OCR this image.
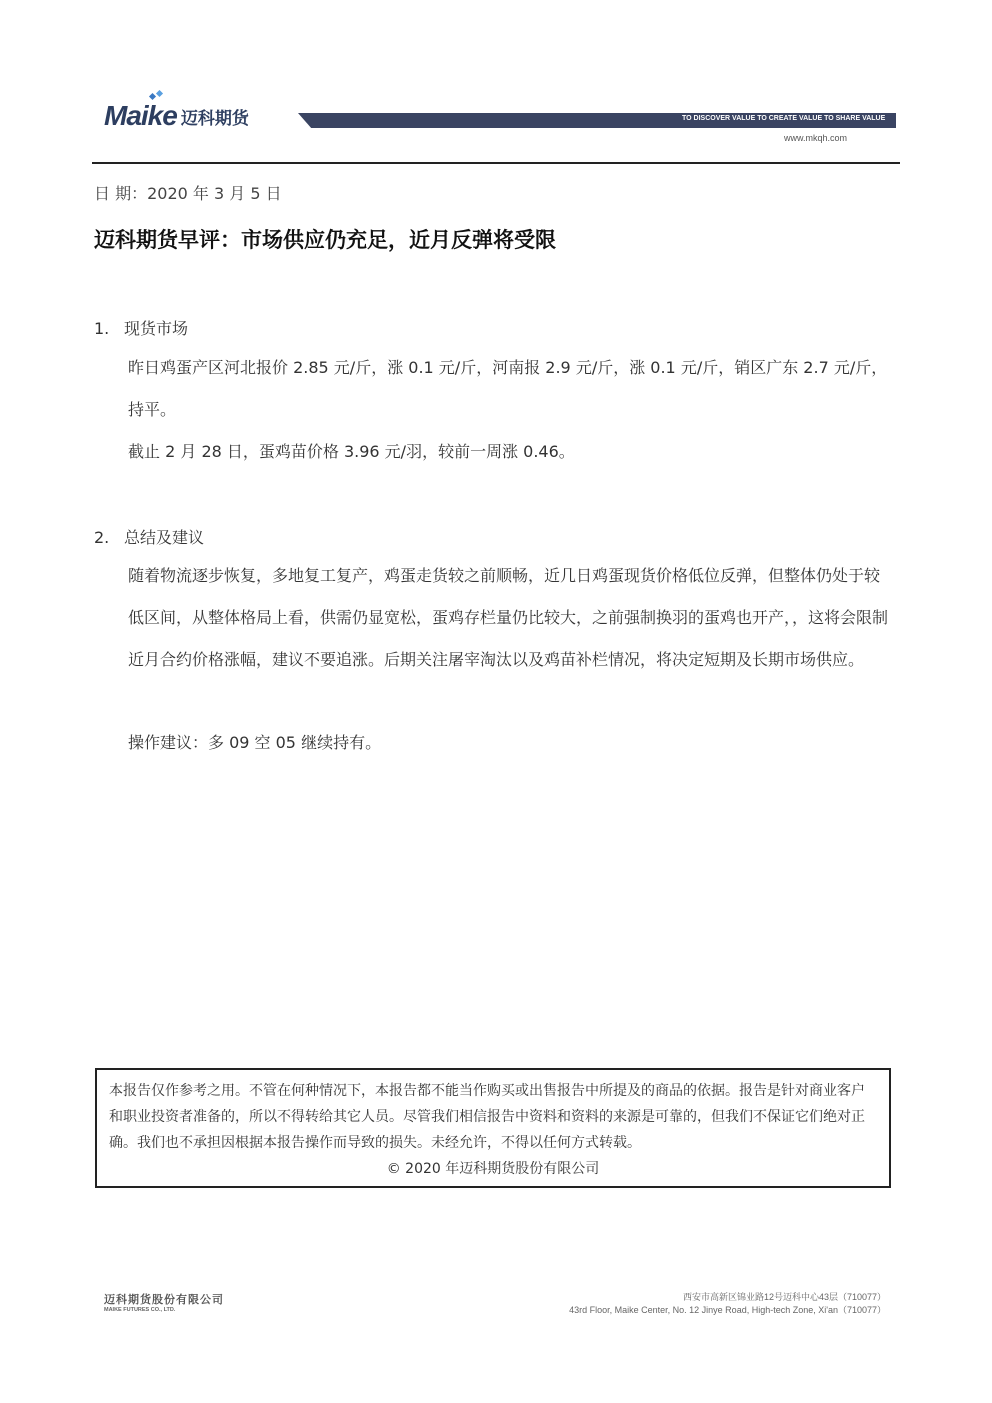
Maike 迈科期货	TO DISCOVER VALUE TO CREATE VALUE TO SHARE VALUE
www.mkqh.com
日 期：2020 年 3 月 5 日
迈科期货早评：市场供应仍充足，近月反弹将受限
1. 现货市场
昨日鸡蛋产区河北报价 2.85 元/斤，涨 0.1 元/斤，河南报 2.9 元/斤，涨 0.1 元/斤，销区广东 2.7 元/斤，持平。
截止 2 月 28 日，蛋鸡苗价格 3.96 元/羽，较前一周涨 0.46。
2. 总结及建议
随着物流逐步恢复，多地复工复产，鸡蛋走货较之前顺畅，近几日鸡蛋现货价格低位反弹，但整体仍处于较低区间，从整体格局上看，供需仍显宽松，蛋鸡存栏量仍比较大，之前强制换羽的蛋鸡也开产，，这将会限制近月合约价格涨幅，建议不要追涨。后期关注屠宰淘汰以及鸡苗补栏情况，将决定短期及长期市场供应。
操作建议：多 09 空 05 继续持有。
本报告仅作参考之用。不管在何种情况下，本报告都不能当作购买或出售报告中所提及的商品的依据。报告是针对商业客户和职业投资者准备的，所以不得转给其它人员。尽管我们相信报告中资料和资料的来源是可靠的，但我们不保证它们绝对正确。我们也不承担因根据本报告操作而导致的损失。未经允许，不得以任何方式转载。
© 2020 年迈科期货股份有限公司
迈科期货股份有限公司
MAIKE FUTURES CO., LTD.
西安市高新区锦业路12号迈科中心43层（710077）
43rd Floor, Maike Center, No. 12 Jinye Road, High-tech Zone, Xi'an（710077）
